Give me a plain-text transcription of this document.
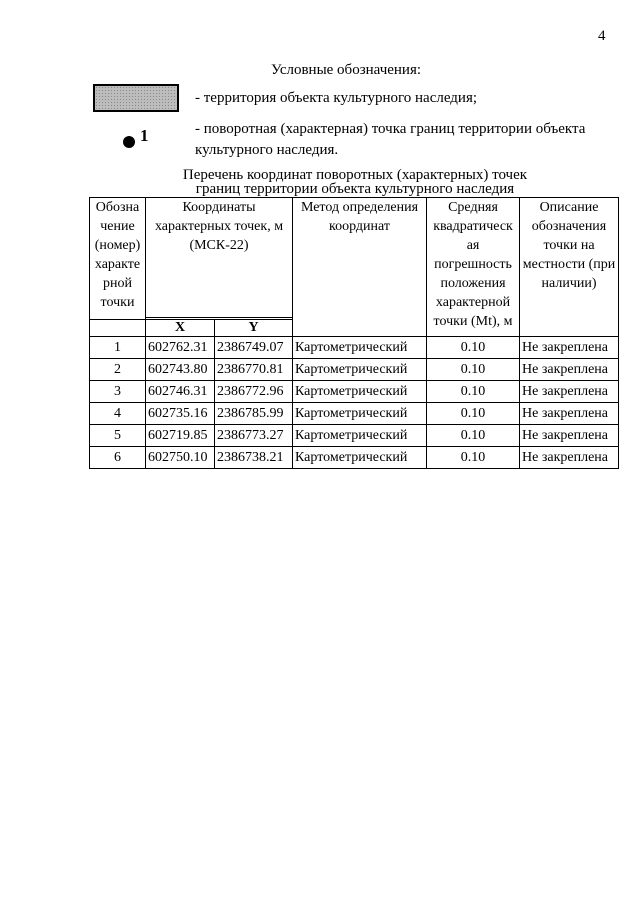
4
Условные обозначения:
- территория объекта культурного наследия;
1	- поворотная (характерная) точка границ территории объекта культурного наследия.
Перечень координат поворотных (характерных) точек
границ территории объекта культурного наследия
Обозна чение (номер) характе рной точки	Координаты характерных точек, м (МСК-22)		Метод определения координат	Средняя квадратическ ая погрешность положения характерной точки (Mt), м	Описание обозначения точки на местности (при наличии)

	X	Y			
1	602762.31	2386749.07	Картометрический	0.10	Не закреплена
2	602743.80	2386770.81	Картометрический	0.10	Не закреплена
3	602746.31	2386772.96	Картометрический	0.10	Не закреплена
4	602735.16	2386785.99	Картометрический	0.10	Не закреплена
5	602719.85	2386773.27	Картометрический	0.10	Не закреплена
6	602750.10	2386738.21	Картометрический	0.10	Не закреплена
